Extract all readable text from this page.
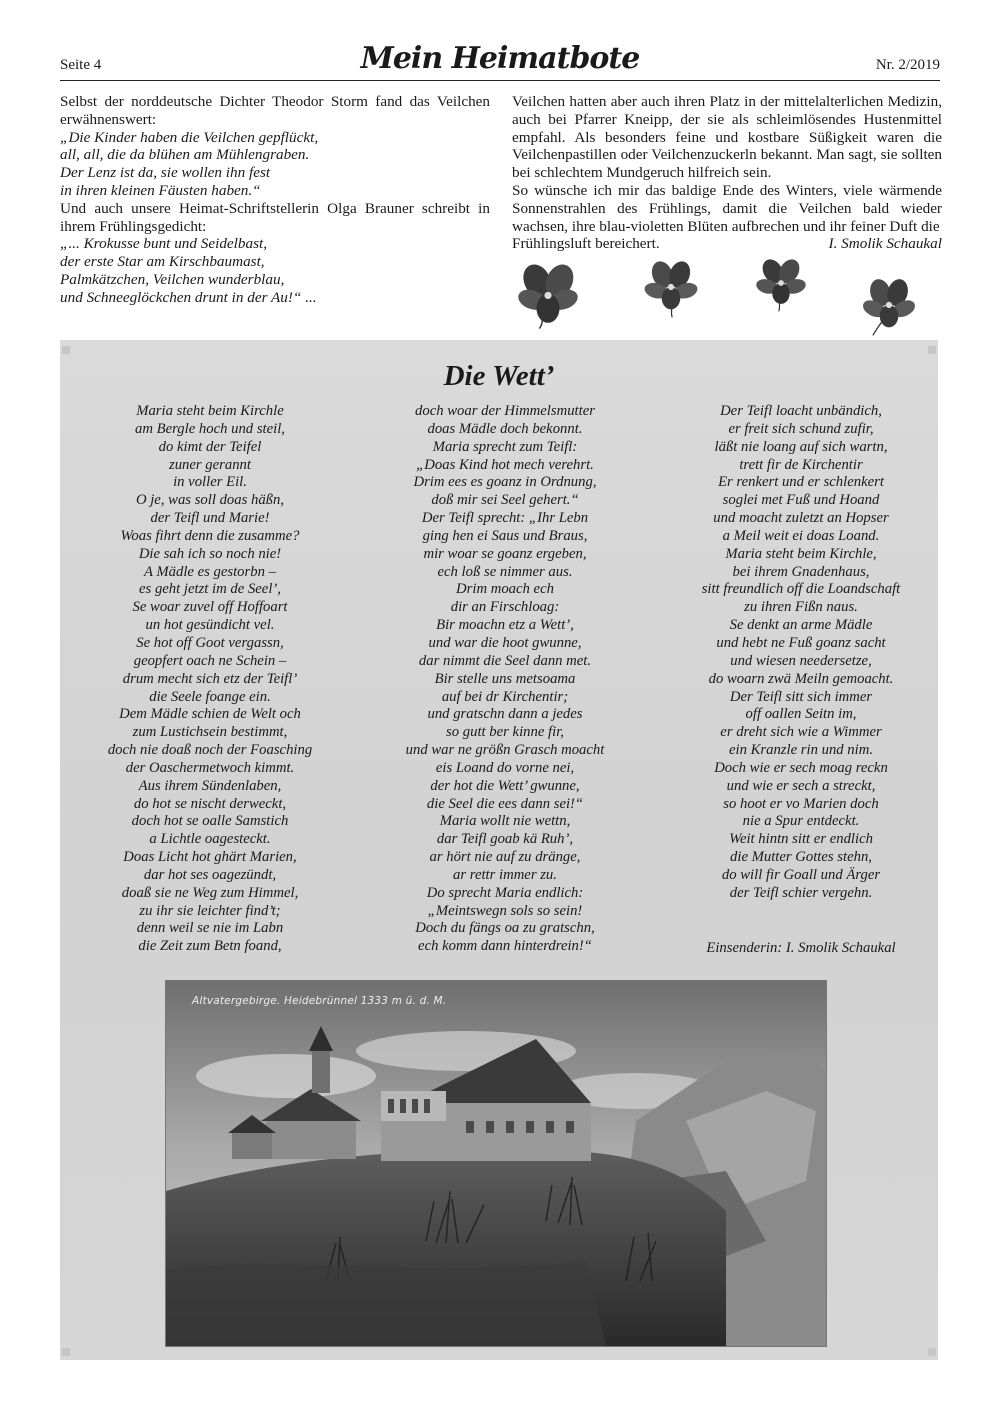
Seite 4	Mein Heimatbote	Nr. 2/2019

Selbst der norddeutsche Dichter Theodor Storm fand das Veilchen erwähnenswert:

„Die Kinder haben die Veilchen gepflückt,
all, all, die da blühen am Mühlengraben.
Der Lenz ist da, sie wollen ihn fest
in ihren kleinen Fäusten haben.“

Und auch unsere Heimat-Schriftstellerin Olga Brauner schreibt in ihrem Frühlingsgedicht:

„... Krokusse bunt und Seidelbast,
der erste Star am Kirschbaumast,
Palmkätzchen, Veilchen wunderblau,
und Schneeglöckchen drunt in der Au!“ ...

Veilchen hatten aber auch ihren Platz in der mittelalterlichen Medizin, auch bei Pfarrer Kneipp, der sie als schleimlösendes Hustenmittel empfahl. Als besonders feine und kostbare Süßigkeit waren die Veilchenpastillen oder Veilchenzuckerln bekannt. Man sagt, sie sollten bei schlechtem Mundgeruch hilfreich sein.

So wünsche ich mir das baldige Ende des Winters, viele wärmende Sonnenstrahlen des Frühlings, damit die Veilchen bald wieder wachsen, ihre blau-violetten Blüten aufbrechen und ihr feiner Duft die

Frühlingsluft bereichert.	I. Smolik Schaukal
Die Wett’
Maria steht beim Kirchle
am Bergle hoch und steil,
do kimt der Teifel
zuner gerannt
in voller Eil.
O je, was soll doas häßn,
der Teifl und Marie!
Woas fihrt denn die zusamme?
Die sah ich so noch nie!
A Mädle es gestorbn –
es geht jetzt im de Seel’,
Se woar zuvel off Hoffoart
un hot gesündicht vel.
Se hot off Goot vergassn,
geopfert oach ne Schein –
drum mecht sich etz der Teifl’
die Seele foange ein.
Dem Mädle schien de Welt och
zum Lustichsein bestimmt,
doch nie doaß noch der Foasching
der Oaschermetwoch kimmt.
Aus ihrem Sündenlaben,
do hot se nischt derweckt,
doch hot se oalle Samstich
a Lichtle oagesteckt.
Doas Licht hot ghärt Marien,
dar hot ses oagezündt,
doaß sie ne Weg zum Himmel,
zu ihr sie leichter find’t;
denn weil se nie im Labn
die Zeit zum Betn foand,
doch woar der Himmelsmutter
doas Mädle doch bekonnt.
Maria sprecht zum Teifl:
„Doas Kind hot mech verehrt.
Drim ees es goanz in Ordnung,
doß mir sei Seel gehert.“
Der Teifl sprecht: „Ihr Lebn
ging hen ei Saus und Braus,
mir woar se goanz ergeben,
ech loß se nimmer aus.
Drim moach ech
dir an Firschloag:
Bir moachn etz a Wett’,
und war die hoot gwunne,
dar nimmt die Seel dann met.
Bir stelle uns metsoama
auf bei dr Kirchentir;
und gratschn dann a jedes
so gutt ber kinne fir,
und war ne größn Grasch moacht
eis Loand do vorne nei,
der hot die Wett’ gwunne,
die Seel die ees dann sei!“
Maria wollt nie wettn,
dar Teifl goab kä Ruh’,
ar hört nie auf zu dränge,
ar rettr immer zu.
Do sprecht Maria endlich:
„Meintswegn sols so sein!
Doch du fängs oa zu gratschn,
ech komm dann hinterdrein!“
Der Teifl loacht unbändich,
er freit sich schund zufir,
läßt nie loang auf sich wartn,
trett fir de Kirchentir
Er renkert und er schlenkert
soglei met Fuß und Hoand
und moacht zuletzt an Hopser
a Meil weit ei doas Loand.
Maria steht beim Kirchle,
bei ihrem Gnadenhaus,
sitt freundlich off die Loandschaft
zu ihren Fißn naus.
Se denkt an arme Mädle
und hebt ne Fuß goanz sacht
und wiesen needersetze,
do woarn zwä Meiln gemoacht.
Der Teifl sitt sich immer
off oallen Seitn im,
er dreht sich wie a Wimmer
ein Kranzle rin und nim.
Doch wie er sech moag reckn
und wie er sech a streckt,
so hoot er vo Marien doch
nie a Spur entdeckt.
Weit hintn sitt er endlich
die Mutter Gottes stehn,
do will fir Goall und Ärger
der Teifl schier vergehn.
Einsenderin: I. Smolik Schaukal
Altvatergebirge. Heidebrünnel 1333 m ü. d. M.
